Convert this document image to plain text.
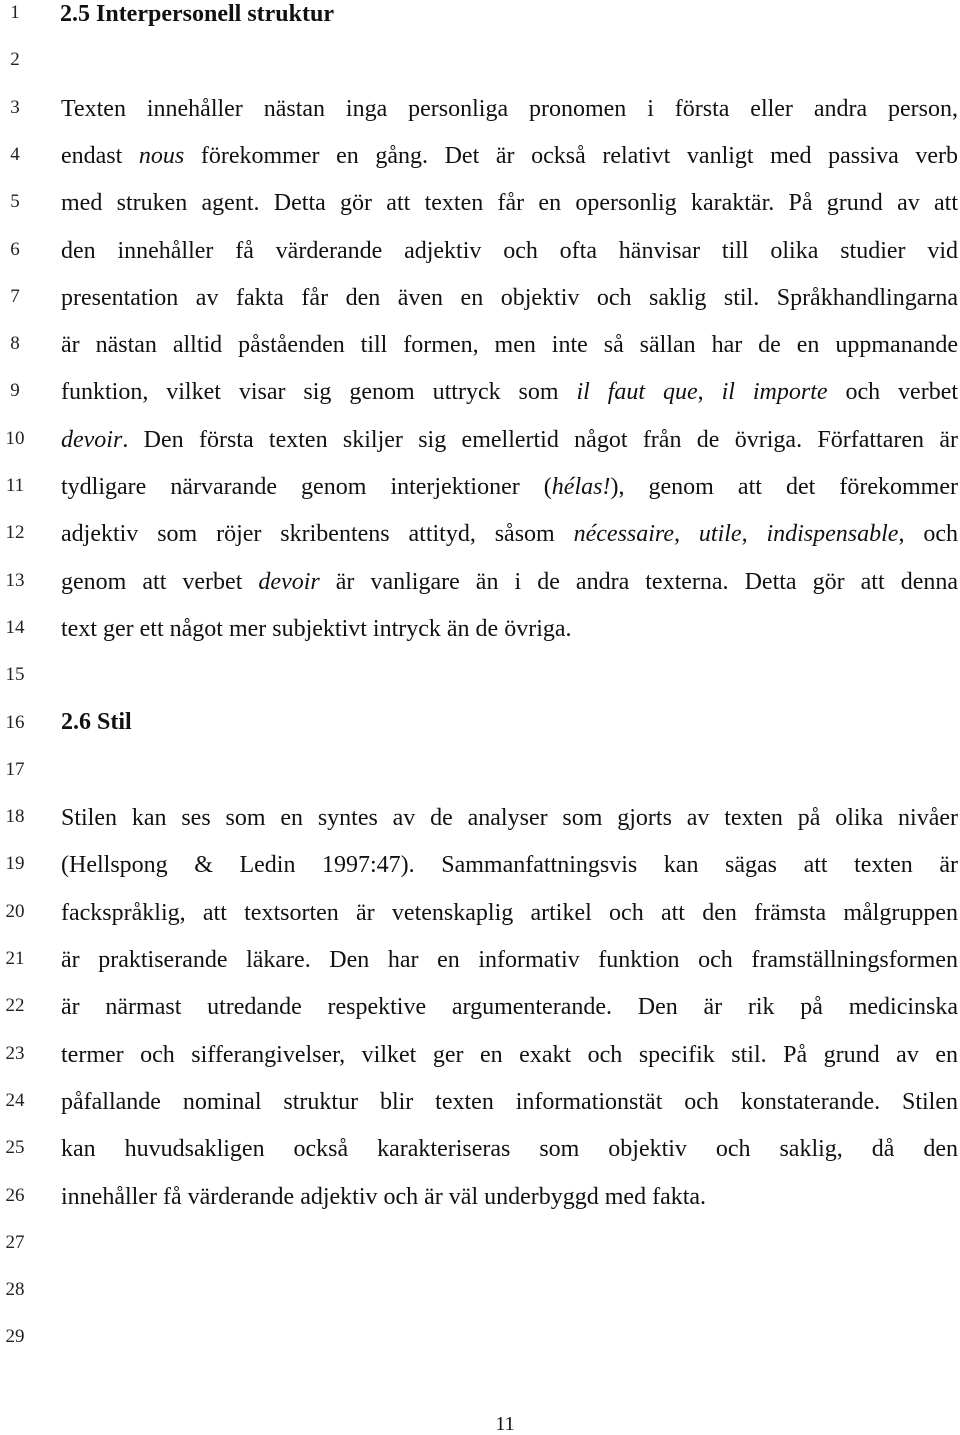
1
2
3
4
5
6
7
8
9
10
11
12
13
14
15
16
17
18
19
20
21
22
23
24
25
26
27
28
29
2.5 Interpersonell struktur
Texten innehåller nästan inga personliga pronomen i första eller andra person,
endast nous förekommer en gång. Det är också relativt vanligt med passiva verb
med struken agent. Detta gör att texten får en opersonlig karaktär. På grund av att
den innehåller få värderande adjektiv och ofta hänvisar till olika studier vid
presentation av fakta får den även en objektiv och saklig stil. Språkhandlingarna
är nästan alltid påståenden till formen, men inte så sällan har de en uppmanande
funktion, vilket visar sig genom uttryck som il faut que, il importe och verbet
devoir. Den första texten skiljer sig emellertid något från de övriga. Författaren är
tydligare närvarande genom interjektioner (hélas!), genom att det förekommer
adjektiv som röjer skribentens attityd, såsom nécessaire, utile, indispensable, och
genom att verbet devoir är vanligare än i de andra texterna. Detta gör att denna
text ger ett något mer subjektivt intryck än de övriga.
2.6 Stil
Stilen kan ses som en syntes av de analyser som gjorts av texten på olika nivåer
(Hellspong & Ledin 1997:47). Sammanfattningsvis kan sägas att texten är
fackspråklig, att textsorten är vetenskaplig artikel och att den främsta målgruppen
är praktiserande läkare. Den har en informativ funktion och framställningsformen
är närmast utredande respektive argumenterande. Den är rik på medicinska
termer och sifferangivelser, vilket ger en exakt och specifik stil. På grund av en
påfallande nominal struktur blir texten informationstät och konstaterande. Stilen
kan huvudsakligen också karakteriseras som objektiv och saklig, då den
innehåller få värderande adjektiv och är väl underbyggd med fakta.
11
